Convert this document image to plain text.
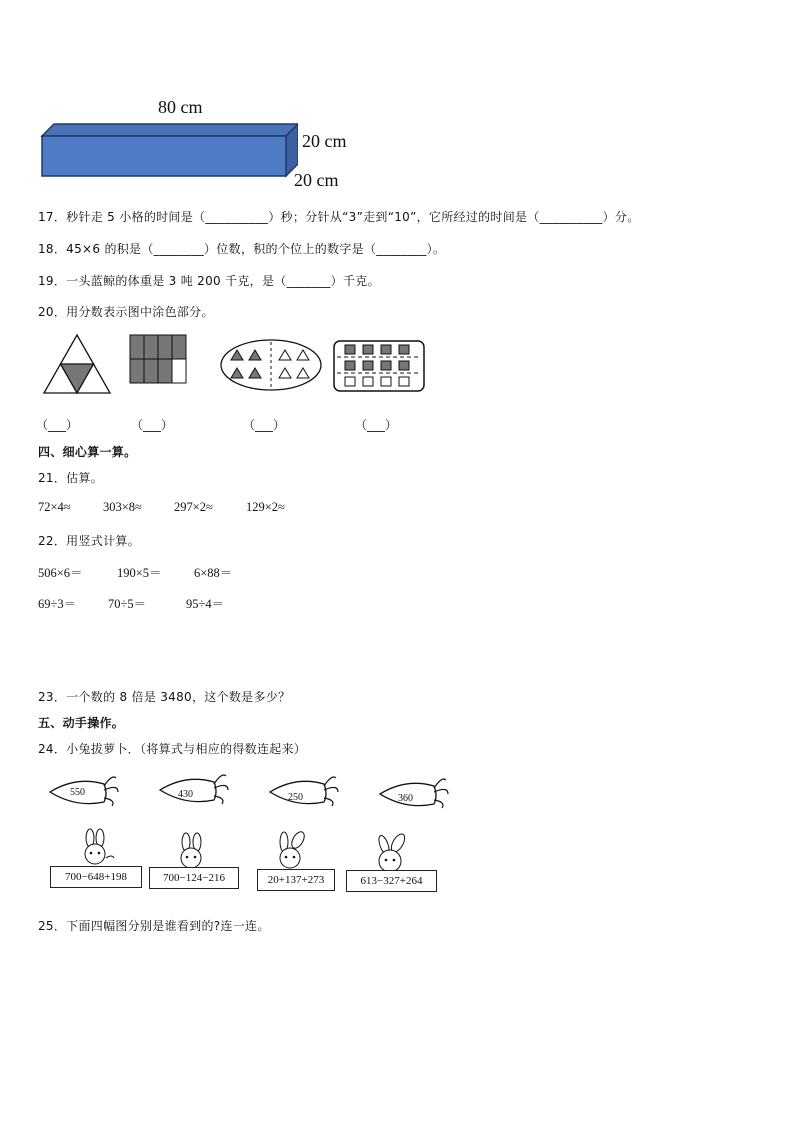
80 cm
20 cm
20 cm
17．秒针走 5 小格的时间是（__________）秒；分针从“3”走到“10”，它所经过的时间是（__________）分。
18．45×6 的积是（________）位数，积的个位上的数字是（________）。
19．一头蓝鲸的体重是 3 吨 200 千克，是（_______）千克。
20．用分数表示图中涂色部分。
（___）	（___）	（___）	（___）
四、细心算一算。
21．估算。
72×4≈	303×8≈	297×2≈	129×2≈
22．用竖式计算。
506×6＝	190×5＝	6×88＝
69÷3＝	70÷5＝	95÷4＝
23．一个数的 8 倍是 3480，这个数是多少？
五、动手操作。
24．小兔拔萝卜．（将算式与相应的得数连起来）
550	430	250	360
700−648+198	700−124−216	20+137+273	613−327+264
25．下面四幅图分别是谁看到的?连一连。
